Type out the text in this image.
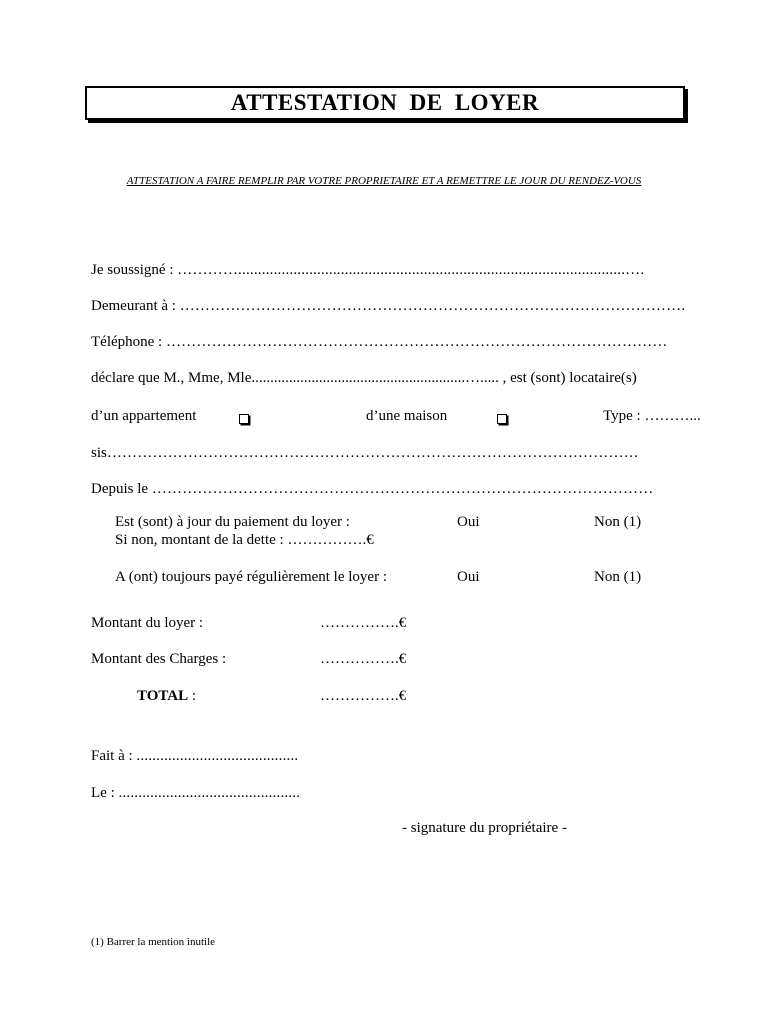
ATTESTATION DE LOYER
ATTESTATION A FAIRE REMPLIR PAR VOTRE PROPRIETAIRE ET A REMETTRE LE JOUR DU RENDEZ-VOUS
Je soussigné : …………..................................................................................................….
Demeurant à : ……………………………………………………………………………………….
Téléphone : ………………………………………………………………………………………
déclare que M., Mme, Mle.........................................................…..... , est (sont) locataire(s)
d’un appartement	d’une maison	Type : ………...
sis……………………………………………………………………………………………
Depuis le ………………………………………………………………………………………
Est (sont) à jour du paiement du loyer :	Oui	Non (1)
Si non, montant de la dette : …………….€
A (ont) toujours payé régulièrement le loyer :	Oui	Non (1)
Montant du loyer :	…………….€
Montant des Charges :	…………….€
TOTAL :	…………….€
Fait à : .........................................
Le : ..............................................
- signature du propriétaire -
(1) Barrer la mention inutile
